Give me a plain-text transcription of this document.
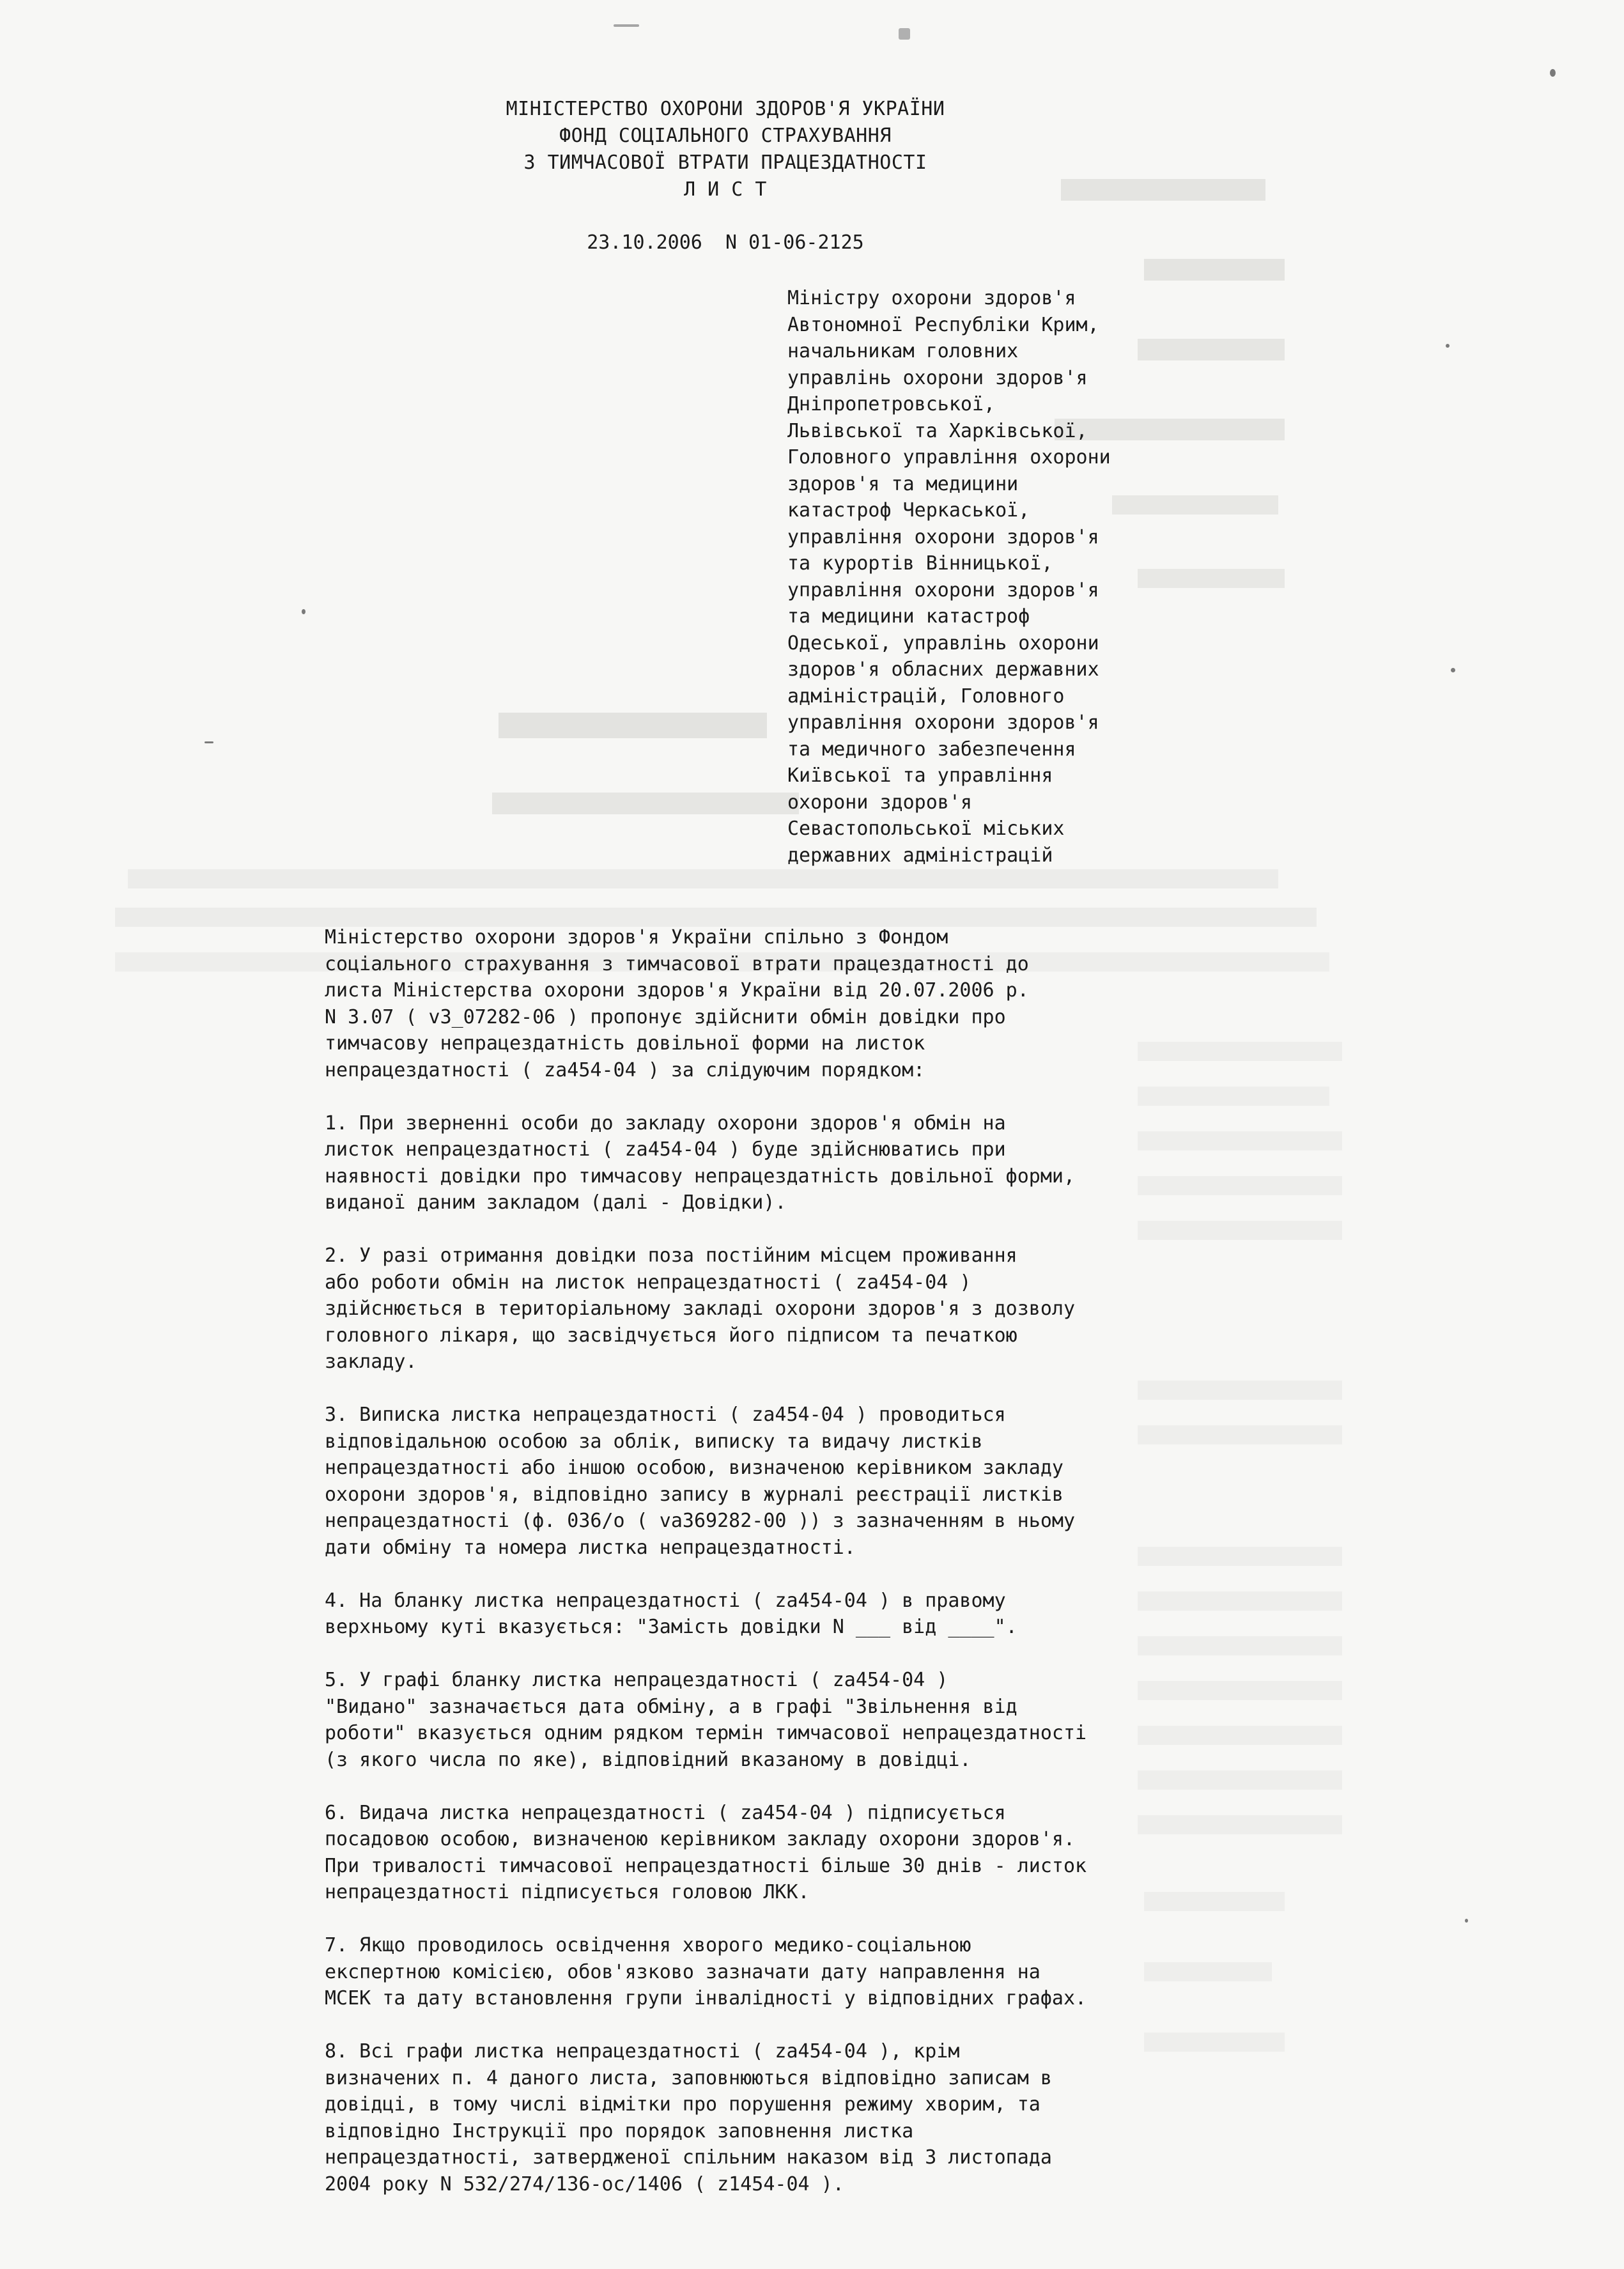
МІНІСТЕРСТВО ОХОРОНИ ЗДОРОВ'Я УКРАЇНИ
ФОНД СОЦІАЛЬНОГО СТРАХУВАННЯ
З ТИМЧАСОВОЇ ВТРАТИ ПРАЦЕЗДАТНОСТІ
Л И С Т
23.10.2006  N 01-06-2125
Міністру охорони здоров'я
Автономної Республіки Крим,
начальникам головних
управлінь охорони здоров'я
Дніпропетровської,
Львівської та Харківської,
Головного управління охорони
здоров'я та медицини
катастроф Черкаської,
управління охорони здоров'я
та курортів Вінницької,
управління охорони здоров'я
та медицини катастроф
Одеської, управлінь охорони
здоров'я обласних державних
адміністрацій, Головного
управління охорони здоров'я
та медичного забезпечення
Київської та управління
охорони здоров'я
Севастопольської міських
державних адміністрацій

Міністерство охорони здоров'я України спільно з Фондом
соціального страхування з тимчасової втрати працездатності до
листа Міністерства охорони здоров'я України від 20.07.2006 р.
N 3.07 ( v3_07282-06 ) пропонує здійснити обмін довідки про
тимчасову непрацездатність довільної форми на листок
непрацездатності ( za454-04 ) за слідуючим порядком:

1. При зверненні особи до закладу охорони здоров'я обмін на
листок непрацездатності ( za454-04 ) буде здійснюватись при
наявності довідки про тимчасову непрацездатність довільної форми,
виданої даним закладом (далі - Довідки).

2. У разі отримання довідки поза постійним місцем проживання
або роботи обмін на листок непрацездатності ( za454-04 )
здійснюється в територіальному закладі охорони здоров'я з дозволу
головного лікаря, що засвідчується його підписом та печаткою
закладу.

3. Виписка листка непрацездатності ( za454-04 ) проводиться
відповідальною особою за облік, виписку та видачу листків
непрацездатності або іншою особою, визначеною керівником закладу
охорони здоров'я, відповідно запису в журналі реєстрації листків
непрацездатності (ф. 036/о ( va369282-00 )) з зазначенням в ньому
дати обміну та номера листка непрацездатності.

4. На бланку листка непрацездатності ( za454-04 ) в правому
верхньому куті вказується: "Замість довідки N ___ від ____".

5. У графі бланку листка непрацездатності ( za454-04 )
"Видано" зазначається дата обміну, а в графі "Звільнення від
роботи" вказується одним рядком термін тимчасової непрацездатності
(з якого числа по яке), відповідний вказаному в довідці.

6. Видача листка непрацездатності ( za454-04 ) підписується
посадовою особою, визначеною керівником закладу охорони здоров'я.
При тривалості тимчасової непрацездатності більше 30 днів - листок
непрацездатності підписується головою ЛКК.

7. Якщо проводилось освідчення хворого медико-соціальною
експертною комісією, обов'язково зазначати дату направлення на
МСЕК та дату встановлення групи інвалідності у відповідних графах.

8. Всі графи листка непрацездатності ( za454-04 ), крім
визначених п. 4 даного листа, заповнюються відповідно записам в
довідці, в тому числі відмітки про порушення режиму хворим, та
відповідно Інструкції про порядок заповнення листка
непрацездатності, затвердженої спільним наказом від 3 листопада
2004 року N 532/274/136-ос/1406 ( z1454-04 ).
